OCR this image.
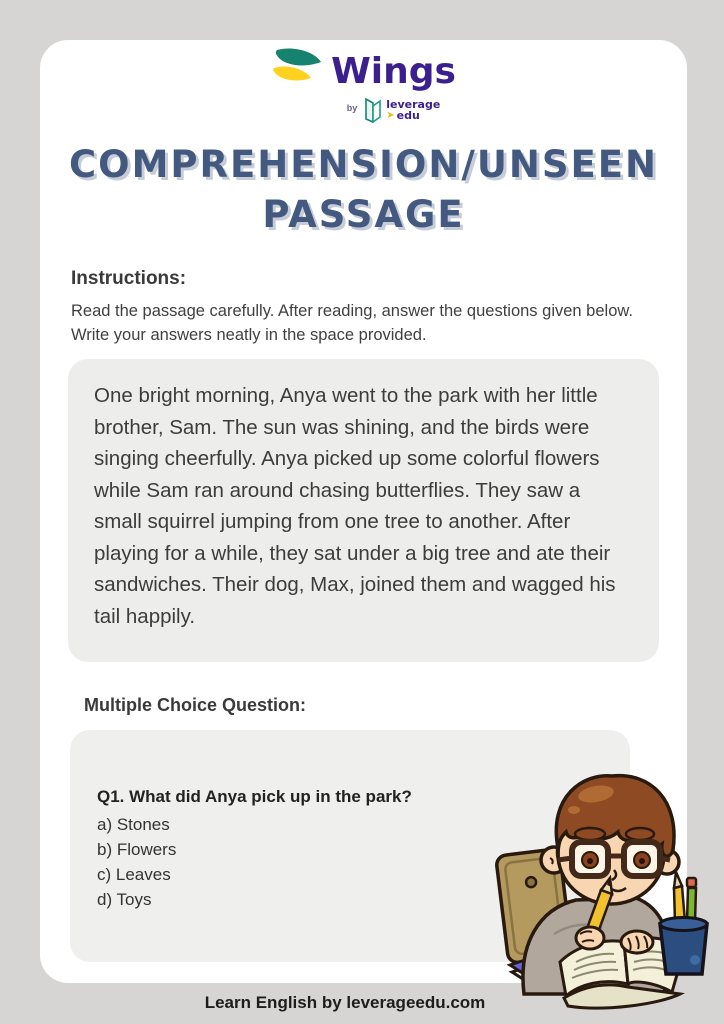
Wings
by	leverage
➤ edu
COMPREHENSION/UNSEEN
PASSAGE
Instructions:
Read the passage carefully. After reading, answer the questions given below. Write your answers neatly in the space provided.
One bright morning, Anya went to the park with her little brother, Sam. The sun was shining, and the birds were singing cheerfully. Anya picked up some colorful flowers while Sam ran around chasing butterflies. They saw a small squirrel jumping from one tree to another. After playing for a while, they sat under a big tree and ate their sandwiches. Their dog, Max, joined them and wagged his tail happily.
Multiple Choice Question:
Q1. What did Anya pick up in the park?
a) Stones
b) Flowers
c) Leaves
d) Toys
Learn English by leverageedu.com
